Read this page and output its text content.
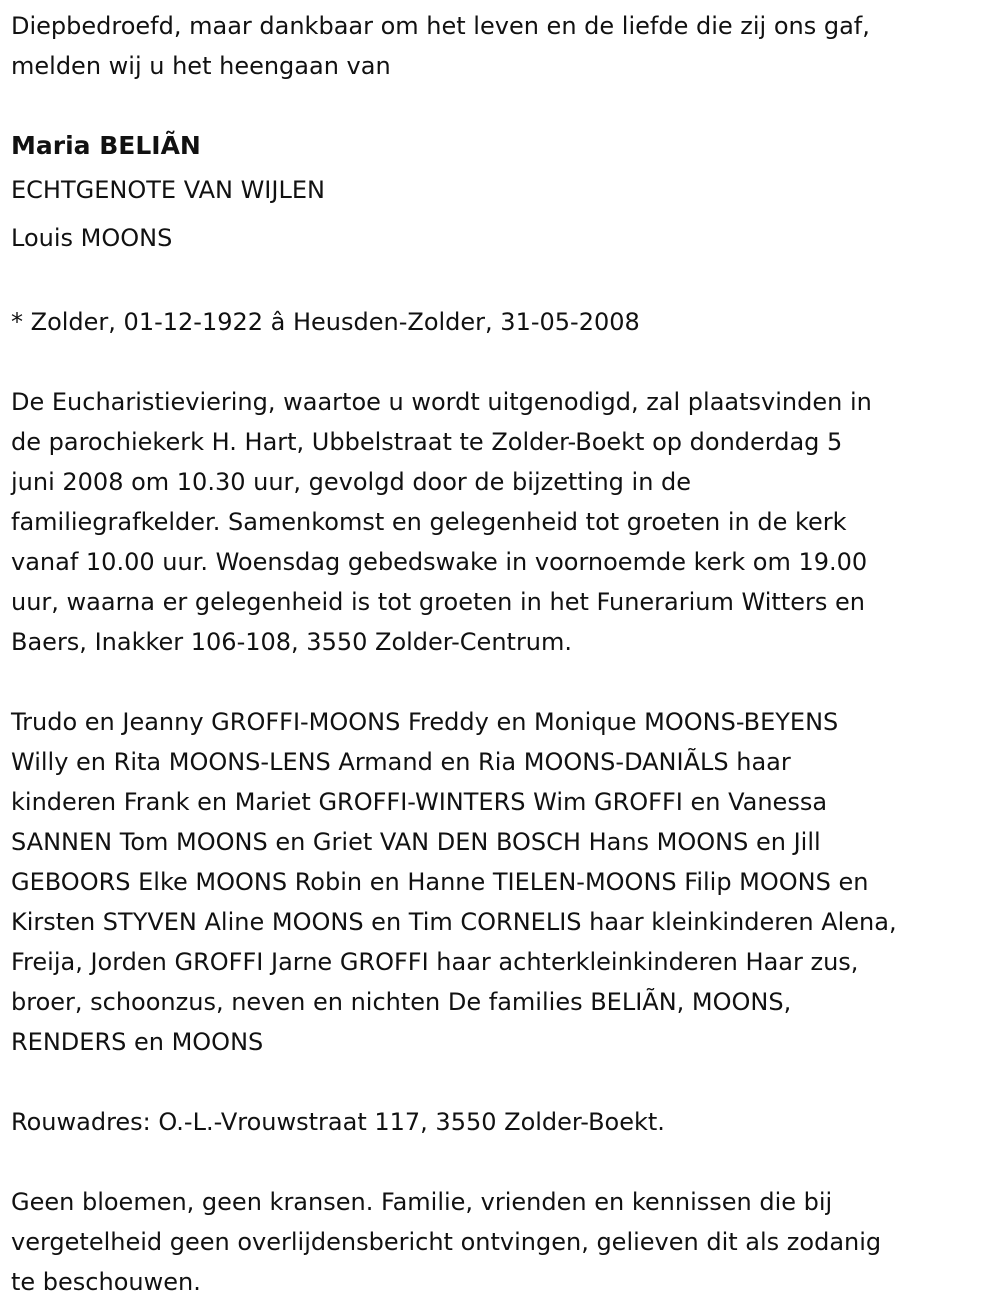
Diepbedroefd, maar dankbaar om het leven en de liefde die zij ons gaf,
melden wij u het heengaan van

Maria BELIÃN

ECHTGENOTE VAN WIJLEN

Louis MOONS

* Zolder, 01-12-1922 â Heusden-Zolder, 31-05-2008

De Eucharistieviering, waartoe u wordt uitgenodigd, zal plaatsvinden in
de parochiekerk H. Hart, Ubbelstraat te Zolder-Boekt op donderdag 5
juni 2008 om 10.30 uur, gevolgd door de bijzetting in de
familiegrafkelder. Samenkomst en gelegenheid tot groeten in de kerk
vanaf 10.00 uur. Woensdag gebedswake in voornoemde kerk om 19.00
uur, waarna er gelegenheid is tot groeten in het Funerarium Witters en
Baers, Inakker 106-108, 3550 Zolder-Centrum.

Trudo en Jeanny GROFFI-MOONS Freddy en Monique MOONS-BEYENS
Willy en Rita MOONS-LENS Armand en Ria MOONS-DANIÃLS haar
kinderen Frank en Mariet GROFFI-WINTERS Wim GROFFI en Vanessa
SANNEN Tom MOONS en Griet VAN DEN BOSCH Hans MOONS en Jill
GEBOORS Elke MOONS Robin en Hanne TIELEN-MOONS Filip MOONS en
Kirsten STYVEN Aline MOONS en Tim CORNELIS haar kleinkinderen Alena,
Freija, Jorden GROFFI Jarne GROFFI haar achterkleinkinderen Haar zus,
broer, schoonzus, neven en nichten De families BELIÃN, MOONS,
RENDERS en MOONS

Rouwadres: O.-L.-Vrouwstraat 117, 3550 Zolder-Boekt.

Geen bloemen, geen kransen. Familie, vrienden en kennissen die bij
vergetelheid geen overlijdensbericht ontvingen, gelieven dit als zodanig
te beschouwen.
